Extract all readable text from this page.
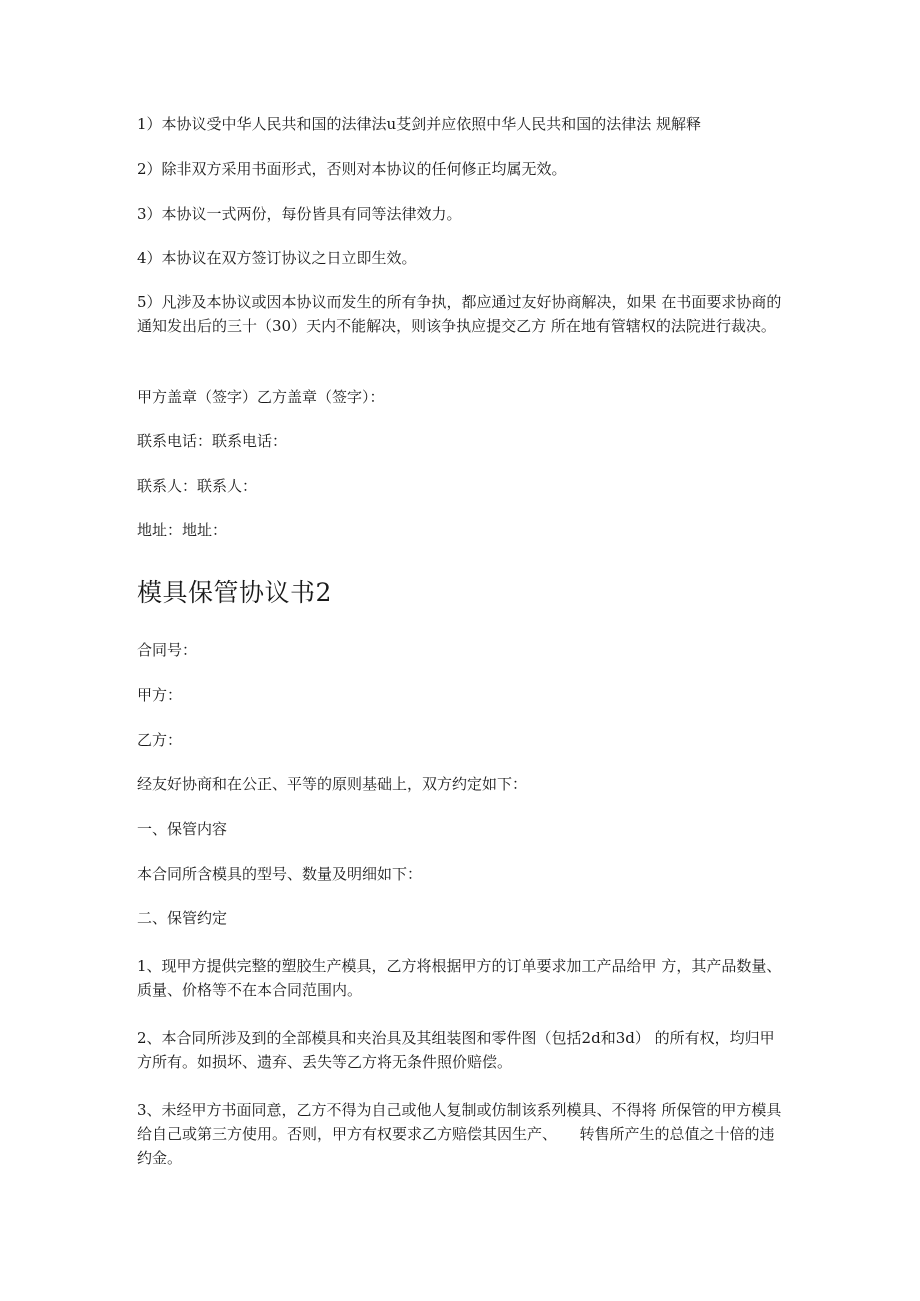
1）本协议受中华人民共和国的法律法u芟剑并应依照中华人民共和国的法律法 规解释

2）除非双方采用书面形式，否则对本协议的任何修正均属无效。

3）本协议一式两份，每份皆具有同等法律效力。

4）本协议在双方签订协议之日立即生效。

5）凡涉及本协议或因本协议而发生的所有争执，都应通过友好协商解决，如果 在书面要求协商的通知发出后的三十（30）天内不能解决，则该争执应提交乙方 所在地有管辖权的法院进行裁决。

甲方盖章（签字）乙方盖章（签字）：

联系电话：联系电话：

联系人：联系人：

地址：地址：

模具保管协议书2

合同号：

甲方：

乙方：

经友好协商和在公正、平等的原则基础上，双方约定如下：

一、保管内容

本合同所含模具的型号、数量及明细如下：

二、保管约定

1、现甲方提供完整的塑胶生产模具，乙方将根据甲方的订单要求加工产品给甲 方，其产品数量、质量、价格等不在本合同范围内。

2、本合同所涉及到的全部模具和夹治具及其组装图和零件图（包括2d和3d） 的所有权，均归甲方所有。如损坏、遗弃、丢失等乙方将无条件照价赔偿。

3、未经甲方书面同意，乙方不得为自己或他人复制或仿制该系列模具、不得将 所保管的甲方模具给自己或第三方使用。否则，甲方有权要求乙方赔偿其因生产、　　转售所产生的总值之十倍的违约金。
